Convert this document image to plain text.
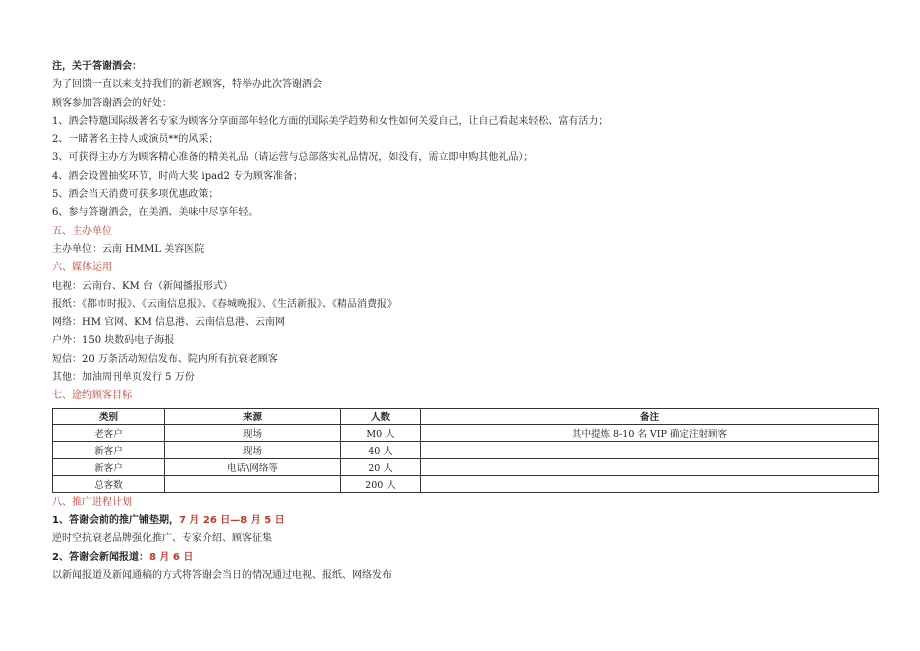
注，关于答谢酒会：
为了回馈一直以来支持我们的新老顾客，特举办此次答谢酒会
顾客参加答谢酒会的好处：
1、酒会特邀国际级著名专家为顾客分享面部年轻化方面的国际美学趋势和女性如何关爱自己，让自己看起来轻松、富有活力；
2、一睹著名主持人或演员**的风采；
3、可获得主办方为顾客精心准备的精美礼品（请运营与总部落实礼品情况，如没有，需立即申购其他礼品）；
4、酒会设置抽奖环节，时尚大奖 ipad2 专为顾客准备；
5、酒会当天消费可获多项优惠政策；
6、参与答谢酒会，在美酒、美味中尽享年轻。
五、主办单位
主办单位：云南 HMML 美容医院
六、媒体运用
电视：云南台、KM 台（新闻播报形式）
报纸：《都市时报》、《云南信息报》、《春城晚报》、《生活新报》、《精品消费报》
网络：HM 官网、KM 信息港、云南信息港、云南网
户外：150 块数码电子海报
短信：20 万条活动短信发布、院内所有抗衰老顾客
其他：加油周刊单页发行 5 万份
七、途约顾客目标
类别	来源	人数	备注
老客户	现场	M0 人	其中提炼 8-10 名 VIP 确定注射顾客
新客户	现场	40 人	
新客户	电话\网络等	20 人	
总客数		200 人	
八、推广进程计划
1、答谢会前的推广铺垫期，7 月 26 日—8 月 5 日
逆时空抗衰老品牌强化推广、专家介绍、顾客征集
2、答谢会新闻报道：8 月 6 日
以新闻报道及新闻通稿的方式将答谢会当日的情况通过电视、报纸、网络发布
